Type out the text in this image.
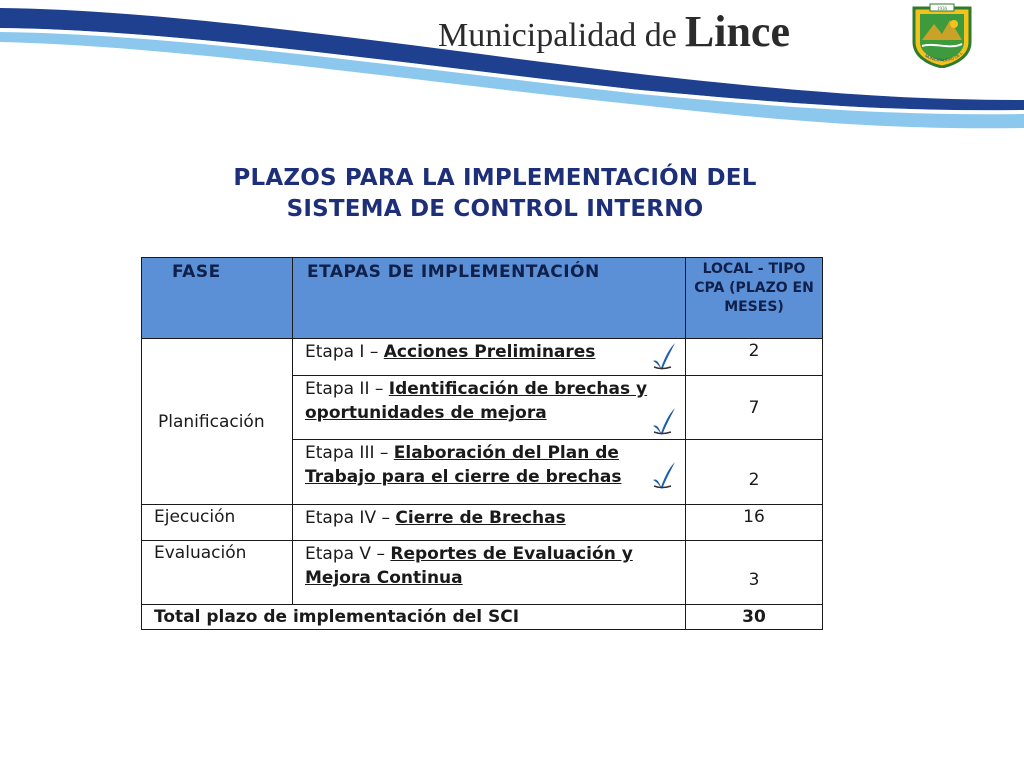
Municipalidad de Lince	1936
MUNICIPALIDAD DE L
PLAZOS PARA LA IMPLEMENTACIÓN DEL
SISTEMA DE CONTROL INTERNO
FASE	ETAPAS DE IMPLEMENTACIÓN	LOCAL - TIPO CPA (PLAZO EN MESES)
Planificación	Etapa I – Acciones Preliminares	2
	Etapa II – Identificación de brechas y oportunidades de mejora	7
	Etapa III – Elaboración del Plan de Trabajo para el cierre de brechas	2
Ejecución	Etapa IV – Cierre de Brechas	16
Evaluación	Etapa V – Reportes de Evaluación y Mejora Continua	3
Total plazo de implementación del SCI		30
